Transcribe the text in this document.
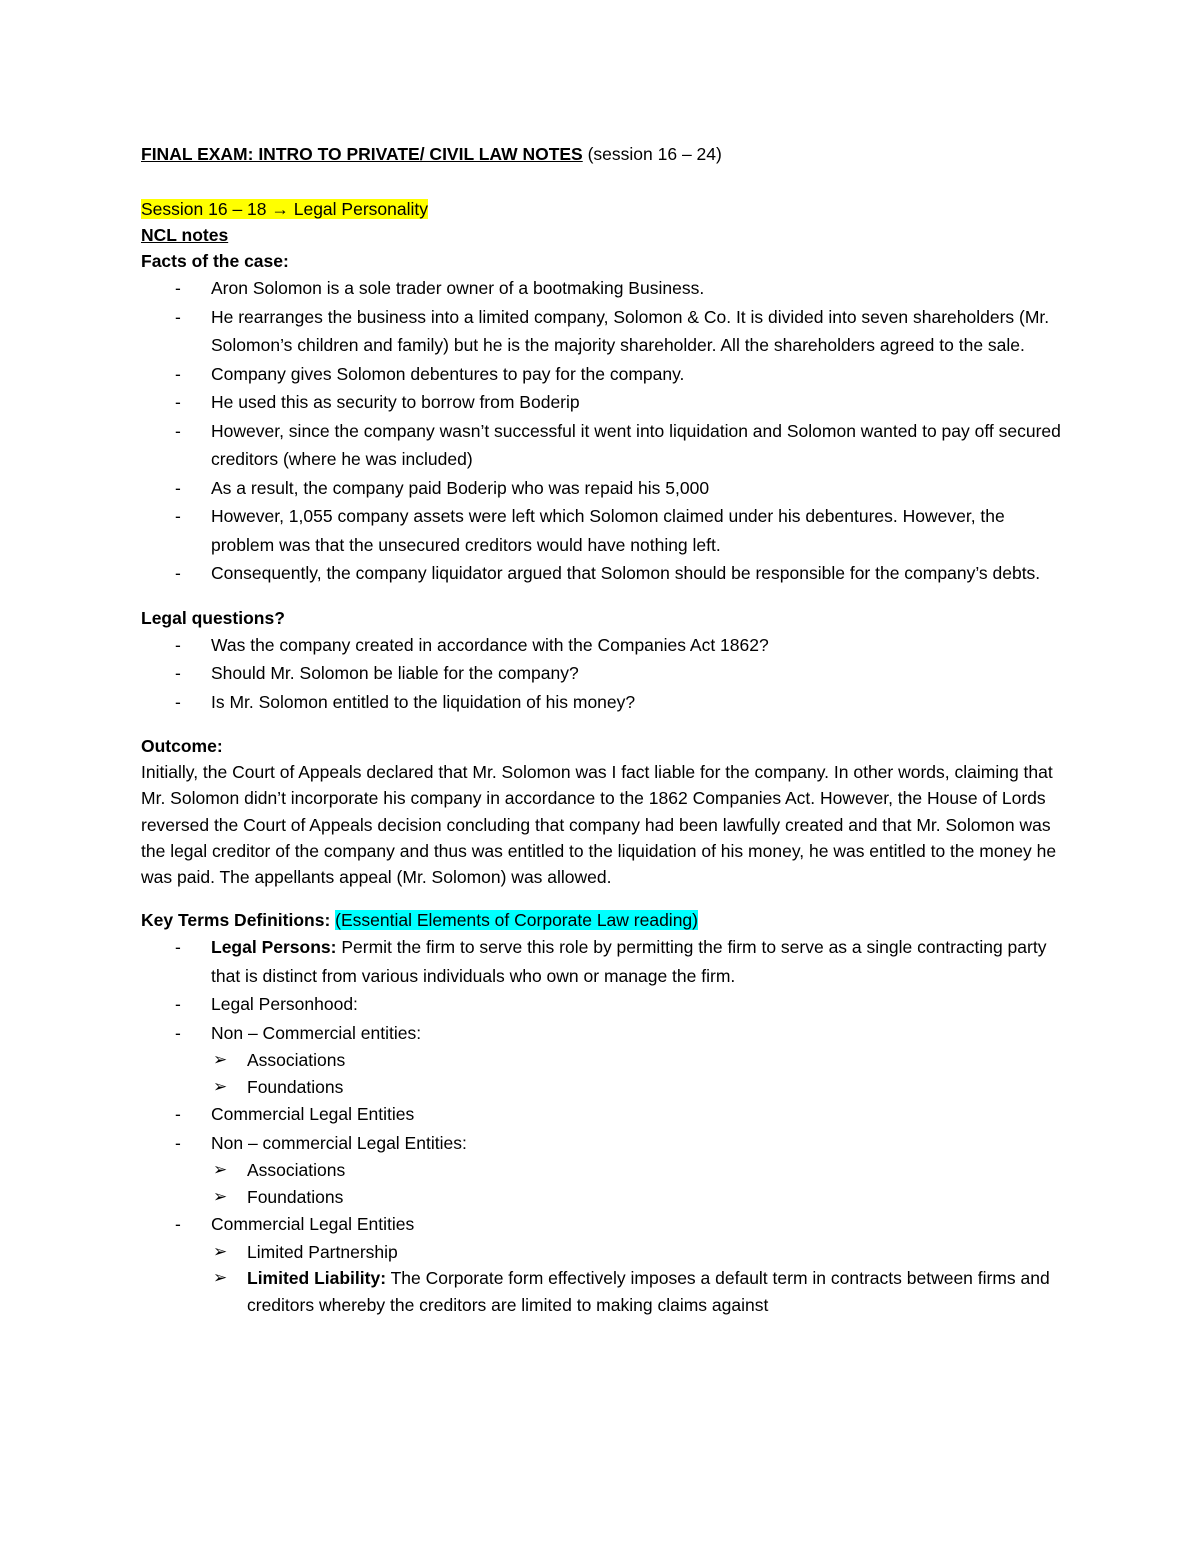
FINAL EXAM: INTRO TO PRIVATE/ CIVIL LAW NOTES (session 16 – 24)
Session 16 – 18 → Legal Personality
NCL notes
Facts of the case:
- Aron Solomon is a sole trader owner of a bootmaking Business.
- He rearranges the business into a limited company, Solomon & Co. It is divided into seven shareholders (Mr. Solomon’s children and family) but he is the majority shareholder. All the shareholders agreed to the sale.
- Company gives Solomon debentures to pay for the company.
- He used this as security to borrow from Boderip
- However, since the company wasn’t successful it went into liquidation and Solomon wanted to pay off secured creditors (where he was included)
- As a result, the company paid Boderip who was repaid his 5,000
- However, 1,055 company assets were left which Solomon claimed under his debentures. However, the problem was that the unsecured creditors would have nothing left.
- Consequently, the company liquidator argued that Solomon should be responsible for the company’s debts.
Legal questions?
- Was the company created in accordance with the Companies Act 1862?
- Should Mr. Solomon be liable for the company?
- Is Mr. Solomon entitled to the liquidation of his money?
Outcome:
Initially, the Court of Appeals declared that Mr. Solomon was I fact liable for the company. In other words, claiming that Mr. Solomon didn’t incorporate his company in accordance to the 1862 Companies Act. However, the House of Lords reversed the Court of Appeals decision concluding that company had been lawfully created and that Mr. Solomon was the legal creditor of the company and thus was entitled to the liquidation of his money, he was entitled to the money he was paid. The appellants appeal (Mr. Solomon) was allowed.
Key Terms Definitions: (Essential Elements of Corporate Law reading)
- Legal Persons: Permit the firm to serve this role by permitting the firm to serve as a single contracting party that is distinct from various individuals who own or manage the firm.
- Legal Personhood:
- Non – Commercial entities:
➢ Associations
➢ Foundations
- Commercial Legal Entities
- Non – commercial Legal Entities:
➢ Associations
➢ Foundations
- Commercial Legal Entities
➢ Limited Partnership
➢ Limited Liability: The Corporate form effectively imposes a default term in contracts between firms and creditors whereby the creditors are limited to making claims against
